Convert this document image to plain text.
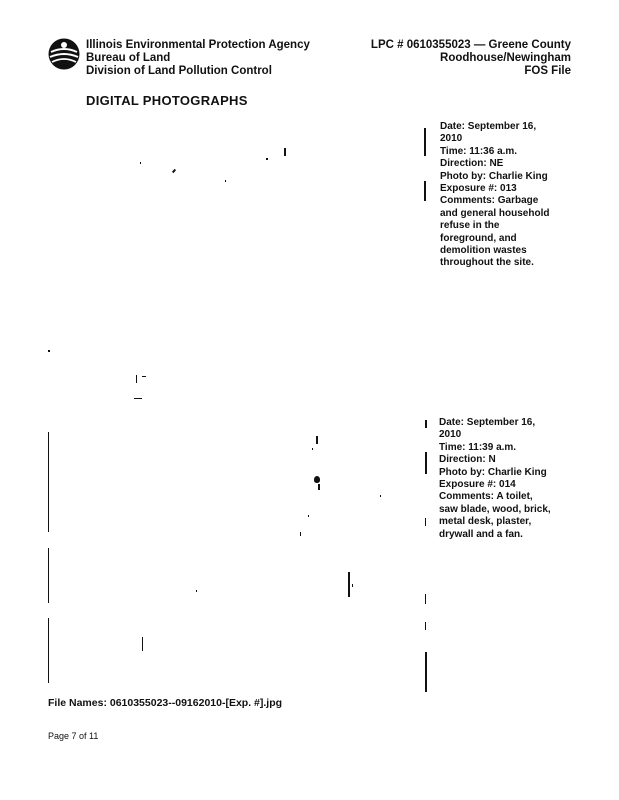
Illinois Environmental Protection Agency
Bureau of Land
Division of Land Pollution Control
LPC # 0610355023 — Greene County
Roodhouse/Newingham
FOS File
DIGITAL PHOTOGRAPHS
Date: September 16,
2010
Time: 11:36 a.m.
Direction: NE
Photo by: Charlie King
Exposure #: 013
Comments: Garbage
and general household
refuse in the
foreground, and
demolition wastes
throughout the site.
Date: September 16,
2010
Time: 11:39 a.m.
Direction: N
Photo by: Charlie King
Exposure #: 014
Comments: A toilet,
saw blade, wood, brick,
metal desk, plaster,
drywall and a fan.
File Names: 0610355023--09162010-[Exp. #].jpg
Page 7 of 11
